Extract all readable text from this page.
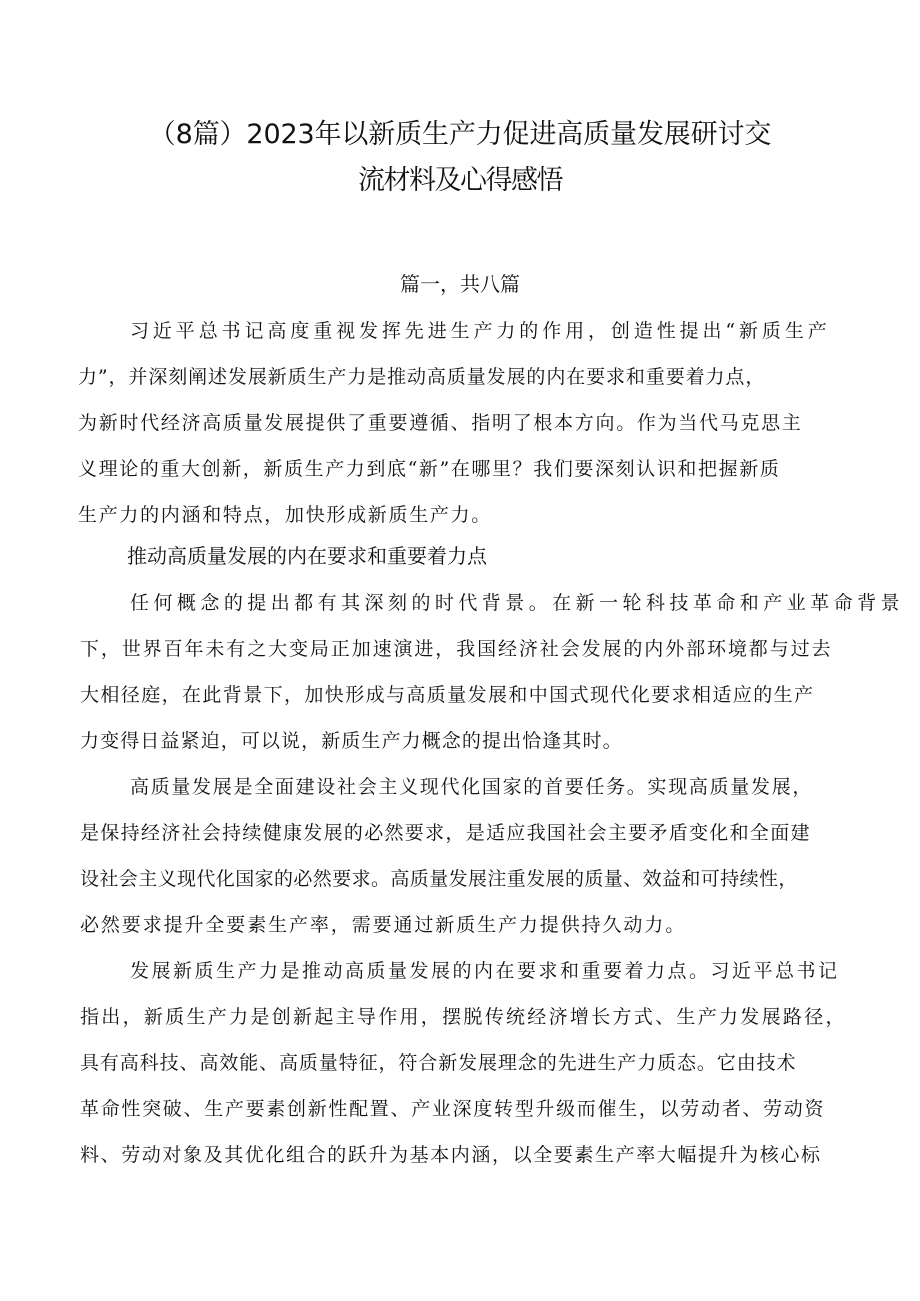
（8篇）2023年以新质生产力促进高质量发展研讨交
流材料及心得感悟
篇一，共八篇
习近平总书记高度重视发挥先进生产力的作用，创造性提出“新质生产
力”，并深刻阐述发展新质生产力是推动高质量发展的内在要求和重要着力点，
为新时代经济高质量发展提供了重要遵循、指明了根本方向。作为当代马克思主
义理论的重大创新，新质生产力到底“新”在哪里？我们要深刻认识和把握新质
生产力的内涵和特点，加快形成新质生产力。
推动高质量发展的内在要求和重要着力点
任何概念的提出都有其深刻的时代背景。在新一轮科技革命和产业革命背景
下，世界百年未有之大变局正加速演进，我国经济社会发展的内外部环境都与过去
大相径庭，在此背景下，加快形成与高质量发展和中国式现代化要求相适应的生产
力变得日益紧迫，可以说，新质生产力概念的提出恰逢其时。
高质量发展是全面建设社会主义现代化国家的首要任务。实现高质量发展，
是保持经济社会持续健康发展的必然要求，是适应我国社会主要矛盾变化和全面建
设社会主义现代化国家的必然要求。高质量发展注重发展的质量、效益和可持续性，
必然要求提升全要素生产率，需要通过新质生产力提供持久动力。
发展新质生产力是推动高质量发展的内在要求和重要着力点。习近平总书记
指出，新质生产力是创新起主导作用，摆脱传统经济增长方式、生产力发展路径，
具有高科技、高效能、高质量特征，符合新发展理念的先进生产力质态。它由技术
革命性突破、生产要素创新性配置、产业深度转型升级而催生，以劳动者、劳动资
料、劳动对象及其优化组合的跃升为基本内涵，以全要素生产率大幅提升为核心标
